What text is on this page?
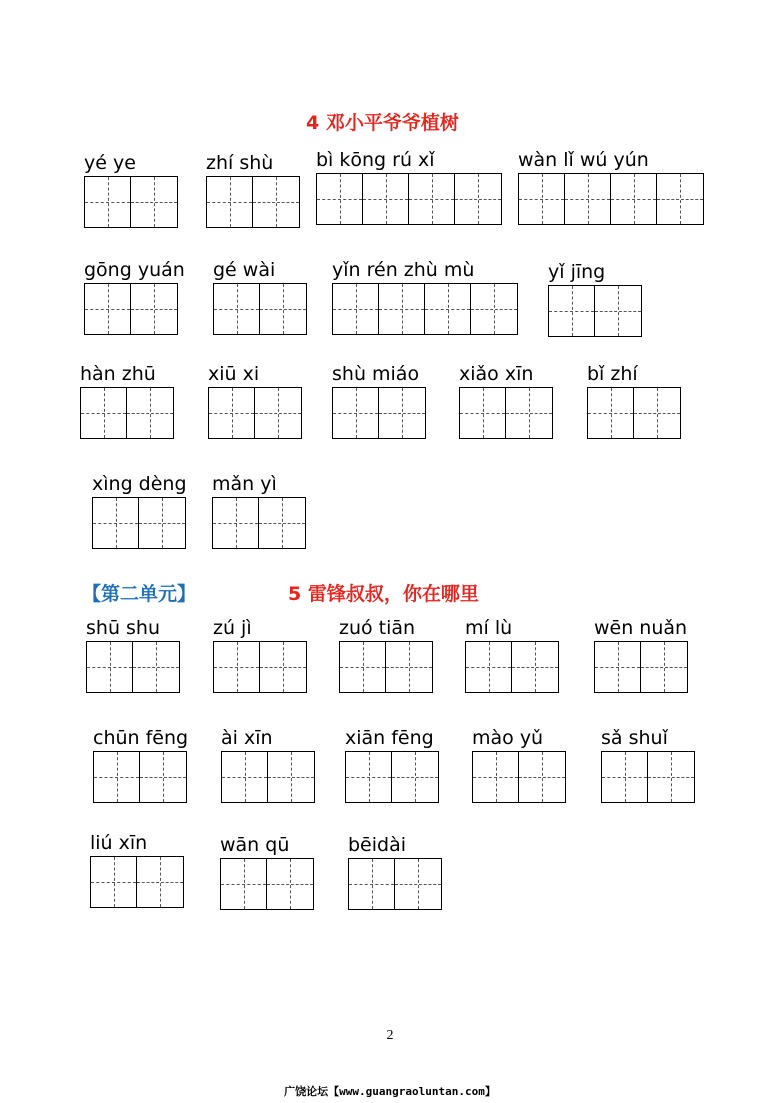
4 邓小平爷爷植树
【第二单元】	5 雷锋叔叔，你在哪里
yé ye	zhí shù bì kōng rú xǐ	wàn lǐ wú yún
gōng yuán gé wài	yǐn rén zhù mù	yǐ jīng
hàn zhū	xiū xi	shù miáo xiǎo xīn	bǐ zhí
xìng dèng mǎn yì
shū shu	zú jì	zuó tiān	mí lù	wēn nuǎn
chūn fēng ài xīn	xiān fēng mào yǔ	sǎ shuǐ
liú xīn	wān qū	bēidài
2
广饶论坛【www.guangraoluntan.com】
